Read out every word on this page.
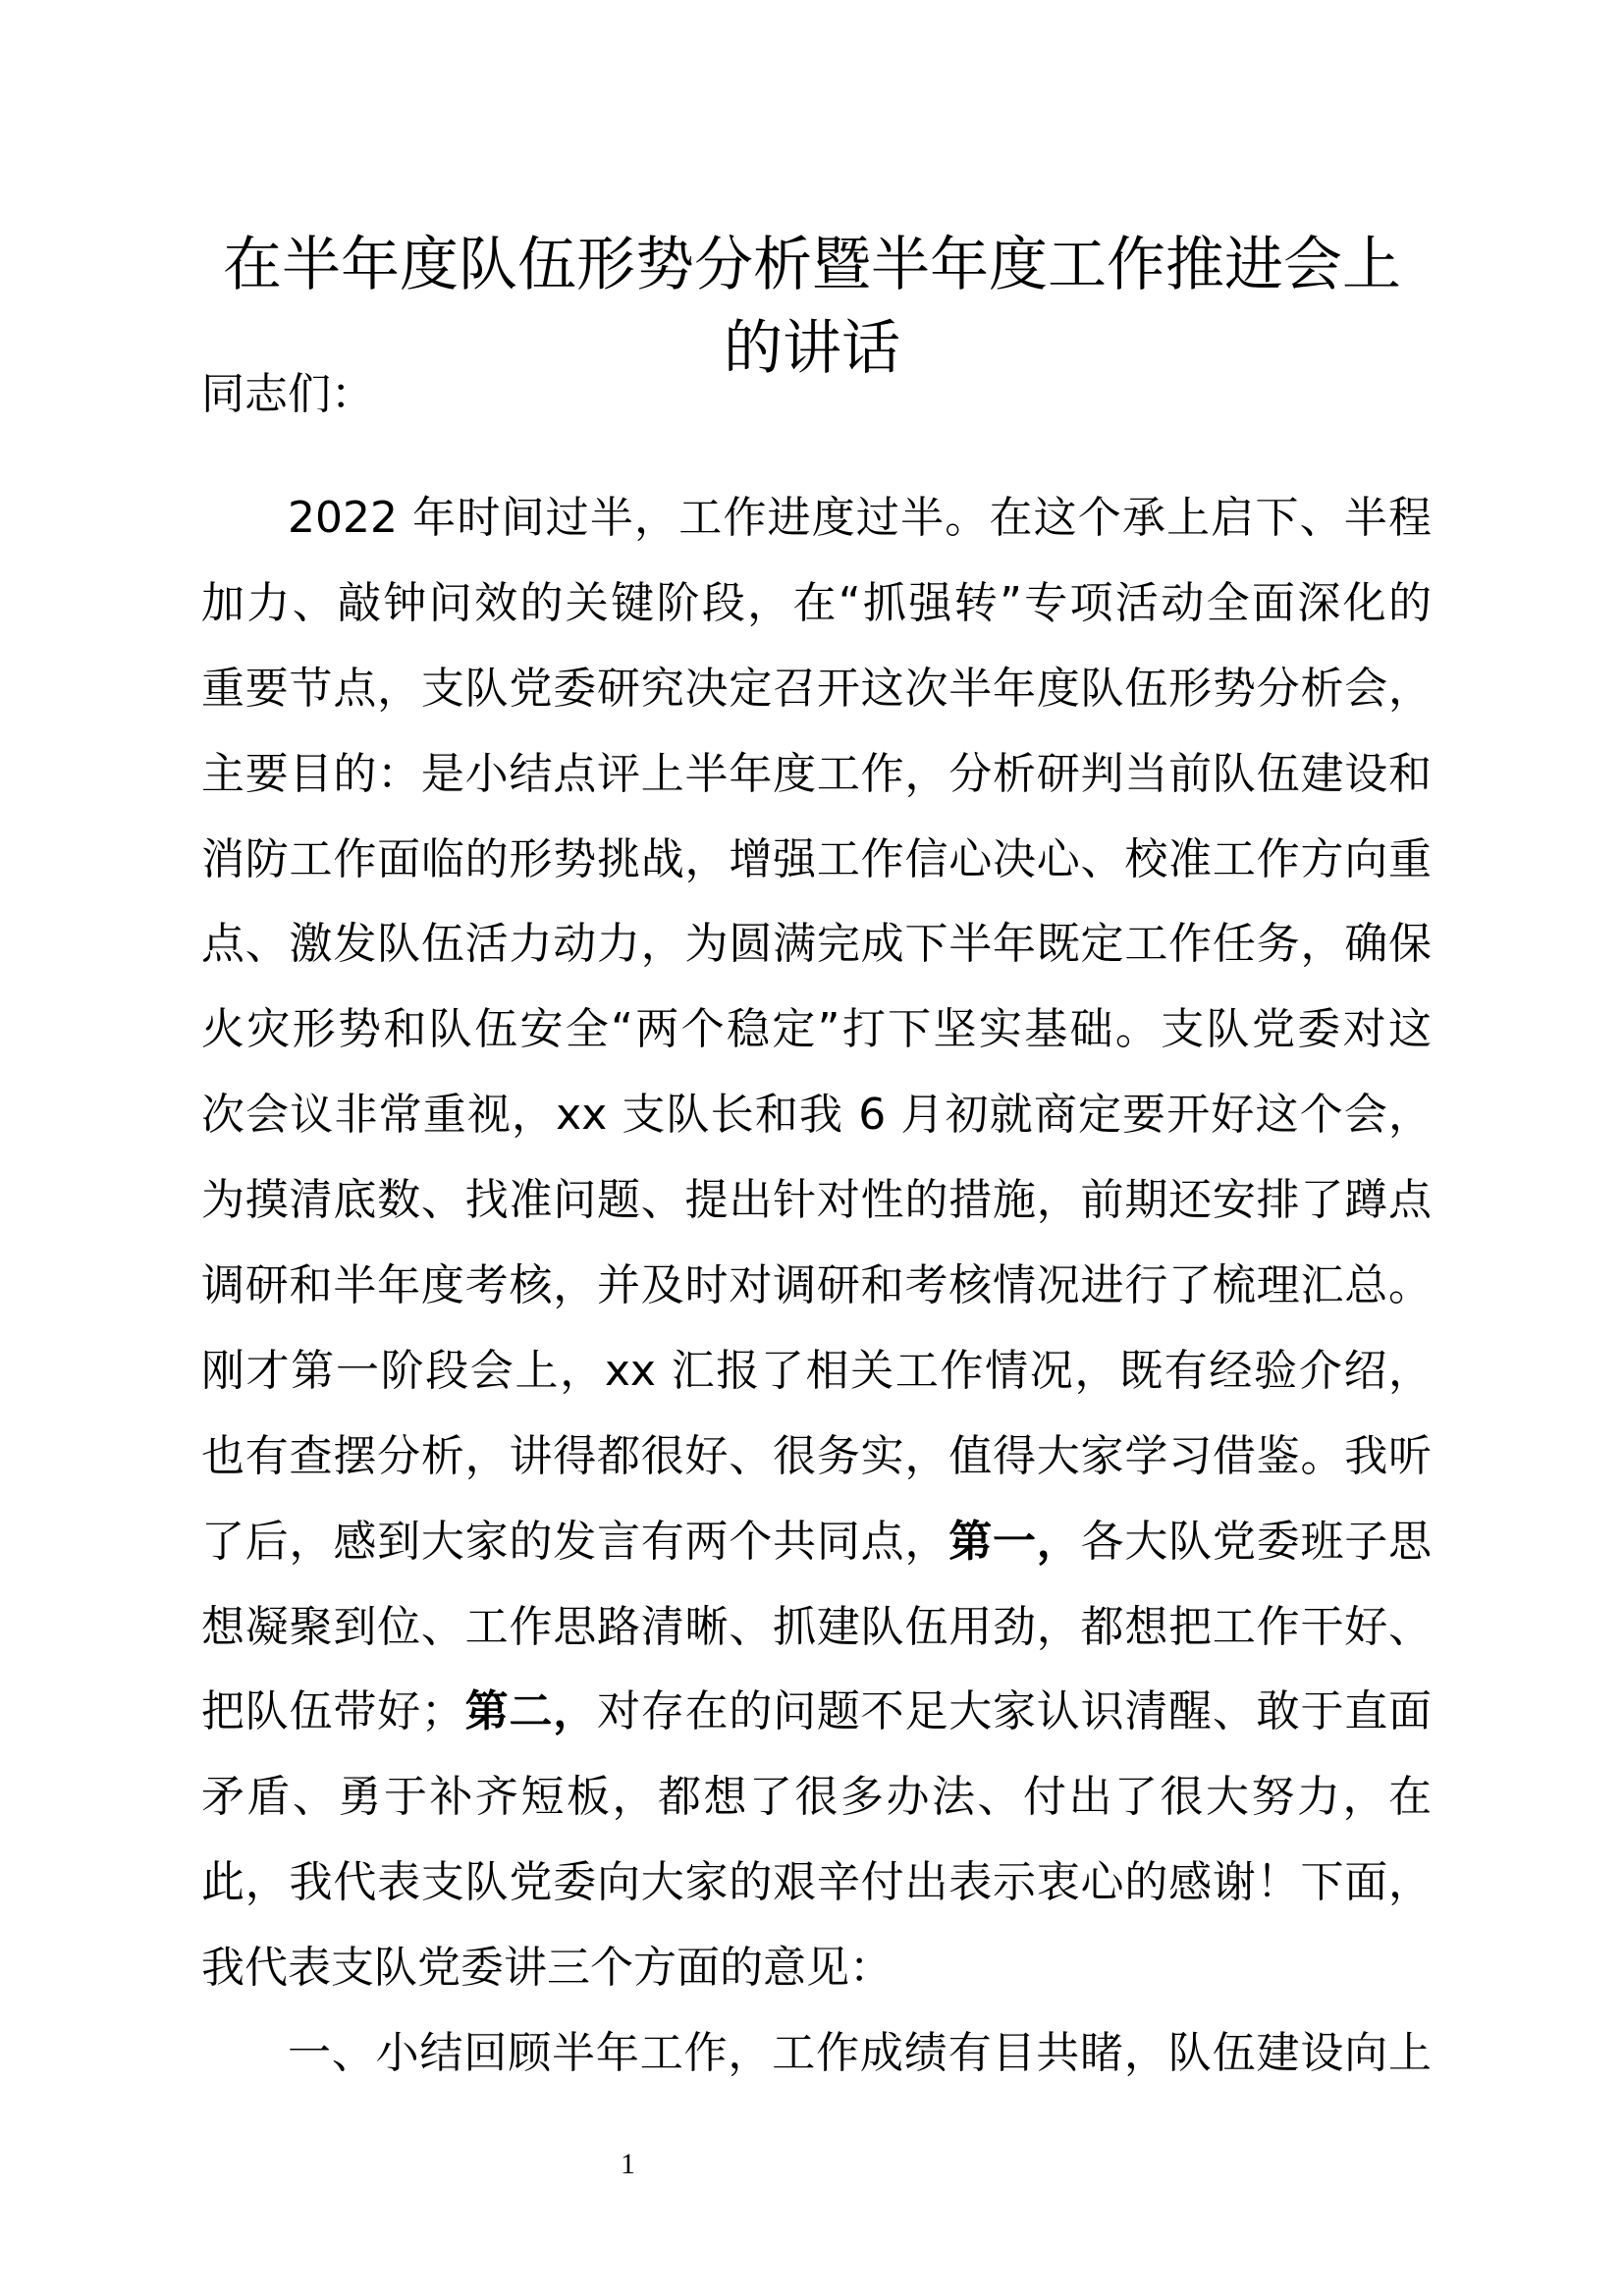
在半年度队伍形势分析暨半年度工作推进会上
的讲话
同志们：
2022 年时间过半，工作进度过半。在这个承上启下、半程
加力、敲钟问效的关键阶段，在“抓强转”专项活动全面深化的
重要节点，支队党委研究决定召开这次半年度队伍形势分析会，
主要目的：是小结点评上半年度工作，分析研判当前队伍建设和
消防工作面临的形势挑战，增强工作信心决心、校准工作方向重
点、激发队伍活力动力，为圆满完成下半年既定工作任务，确保
火灾形势和队伍安全“两个稳定”打下坚实基础。支队党委对这
次会议非常重视，xx 支队长和我 6 月初就商定要开好这个会，
为摸清底数、找准问题、提出针对性的措施，前期还安排了蹲点
调研和半年度考核，并及时对调研和考核情况进行了梳理汇总。
刚才第一阶段会上，xx 汇报了相关工作情况，既有经验介绍，
也有查摆分析，讲得都很好、很务实，值得大家学习借鉴。我听
了后，感到大家的发言有两个共同点，第一，各大队党委班子思
想凝聚到位、工作思路清晰、抓建队伍用劲，都想把工作干好、
把队伍带好；第二，对存在的问题不足大家认识清醒、敢于直面
矛盾、勇于补齐短板，都想了很多办法、付出了很大努力，在
此，我代表支队党委向大家的艰辛付出表示衷心的感谢！下面，
我代表支队党委讲三个方面的意见：
一、小结回顾半年工作，工作成绩有目共睹，队伍建设向上
1
